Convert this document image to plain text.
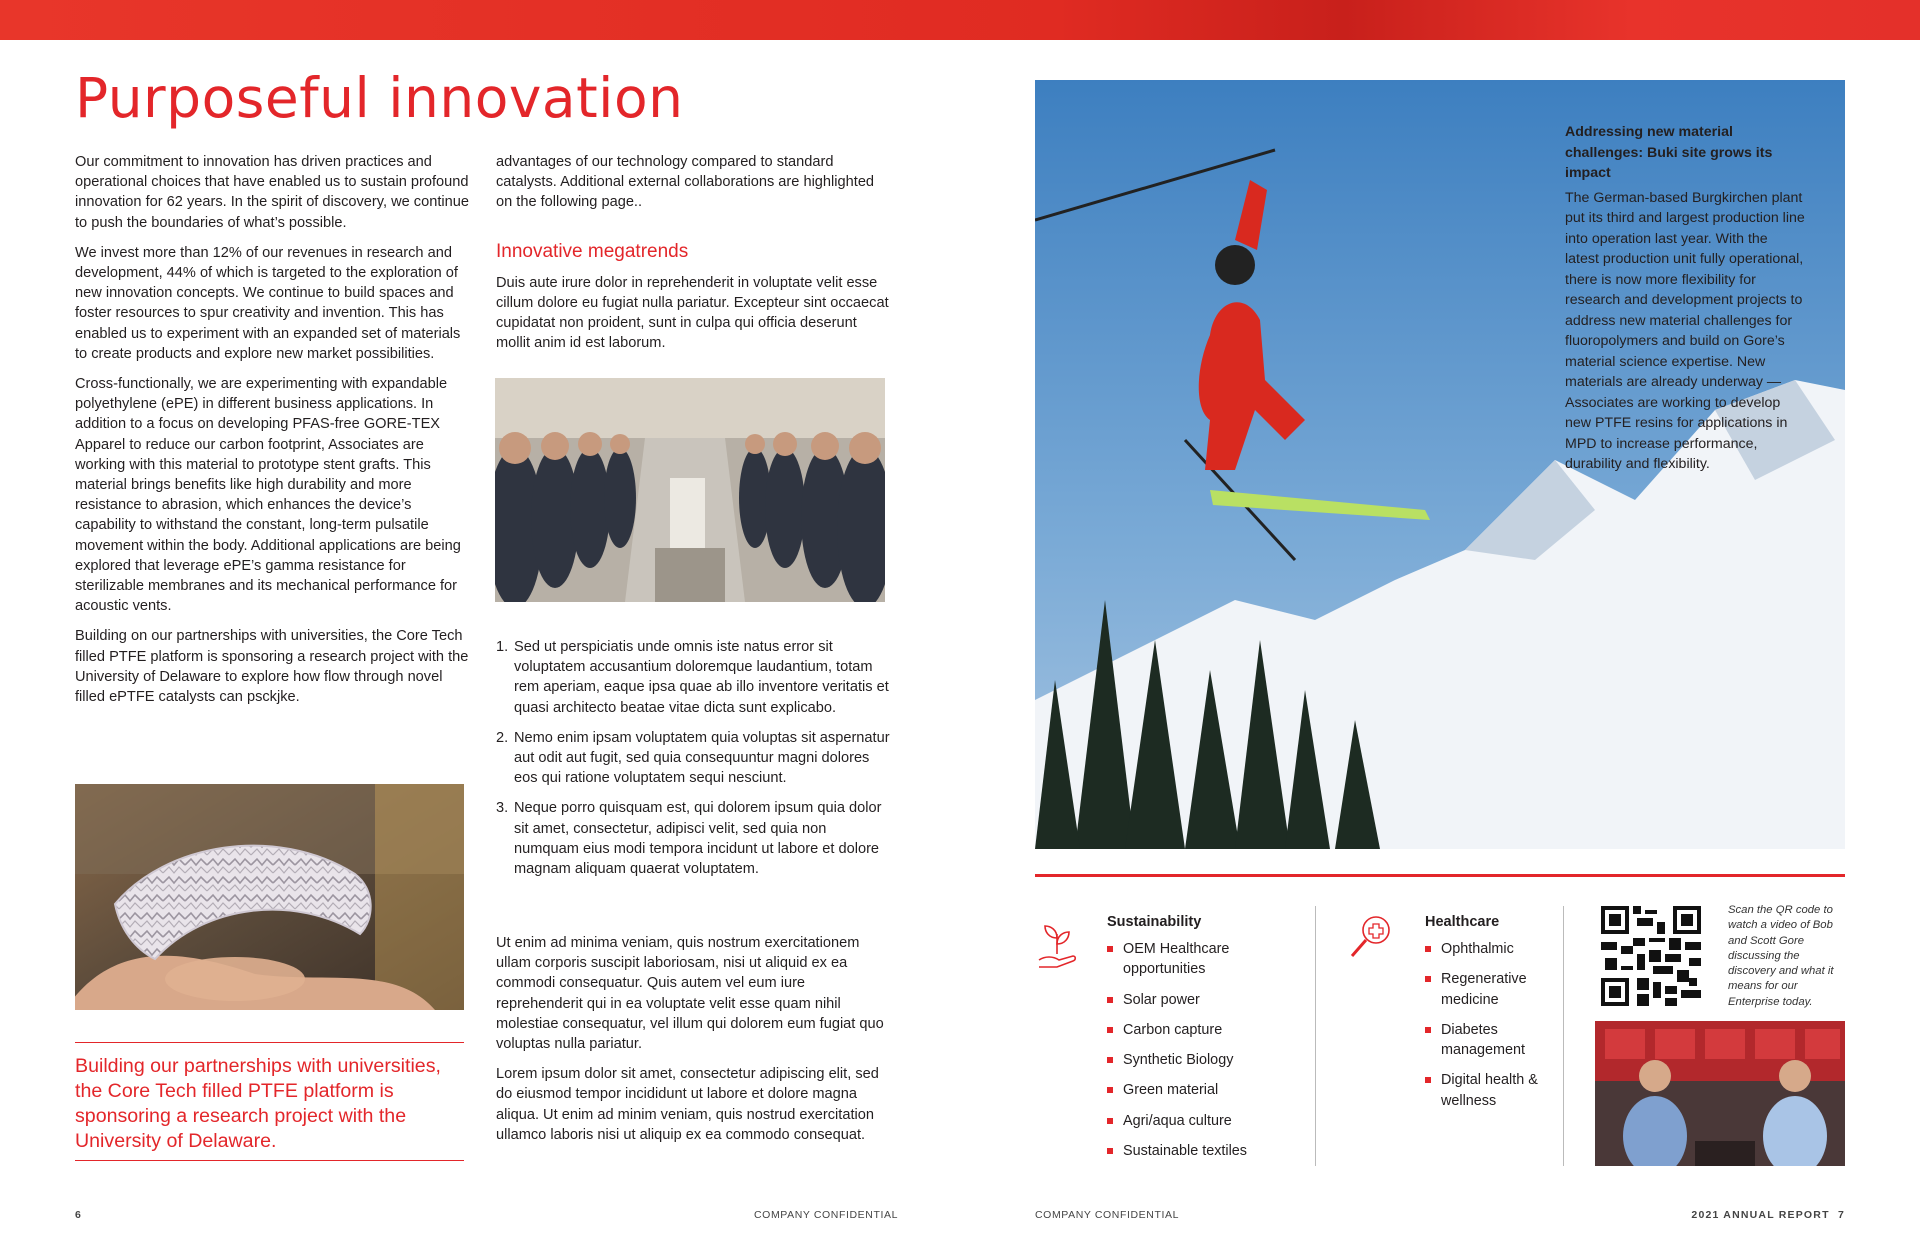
Purposeful innovation

Our commitment to innovation has driven practices and operational choices that have enabled us to sustain profound innovation for 62 years. In the spirit of discovery, we continue to push the boundaries of what’s possible.

We invest more than 12% of our revenues in research and development, 44% of which is targeted to the exploration of new innovation concepts. We continue to build spaces and foster resources to spur creativity and invention. This has enabled us to experiment with an expanded set of materials to create products and explore new market possibilities.

Cross-functionally, we are experimenting with expandable polyethylene (ePE) in different business applications. In addition to a focus on developing PFAS-free GORE-TEX Apparel to reduce our carbon footprint, Associates are working with this material to prototype stent grafts. This material brings benefits like high durability and more resistance to abrasion, which enhances the device’s capability to withstand the constant, long-term pulsatile movement within the body. Additional applications are being explored that leverage ePE’s gamma resistance for sterilizable membranes and its mechanical performance for acoustic vents.

Building on our partnerships with universities, the Core Tech filled PTFE platform is sponsoring a research project with the University of Delaware to explore how flow through novel filled ePTFE catalysts can psckjke.

Building our partnerships with universities, the Core Tech filled PTFE platform is sponsoring a research project with the University of Delaware.

advantages of our technology compared to standard catalysts. Additional external collaborations are highlighted on the following page..

Innovative megatrends

Duis aute irure dolor in reprehenderit in voluptate velit esse cillum dolore eu fugiat nulla pariatur. Excepteur sint occaecat cupidatat non proident, sunt in culpa qui officia deserunt mollit anim id est laborum.

1. Sed ut perspiciatis unde omnis iste natus error sit voluptatem accusantium doloremque laudantium, totam rem aperiam, eaque ipsa quae ab illo inventore veritatis et quasi architecto beatae vitae dicta sunt explicabo.
2. Nemo enim ipsam voluptatem quia voluptas sit aspernatur aut odit aut fugit, sed quia consequuntur magni dolores eos qui ratione voluptatem sequi nesciunt.
3. Neque porro quisquam est, qui dolorem ipsum quia dolor sit amet, consectetur, adipisci velit, sed quia non numquam eius modi tempora incidunt ut labore et dolore magnam aliquam quaerat voluptatem.

Ut enim ad minima veniam, quis nostrum exercitationem ullam corporis suscipit laboriosam, nisi ut aliquid ex ea commodi consequatur. Quis autem vel eum iure reprehenderit qui in ea voluptate velit esse quam nihil molestiae consequatur, vel illum qui dolorem eum fugiat quo voluptas nulla pariatur.

Lorem ipsum dolor sit amet, consectetur adipiscing elit, sed do eiusmod tempor incididunt ut labore et dolore magna aliqua. Ut enim ad minim veniam, quis nostrud exercitation ullamco laboris nisi ut aliquip ex ea commodo consequat.

6	COMPANY CONFIDENTIAL
Addressing new material challenges: Buki site grows its impact
The German-based Burgkirchen plant put its third and largest production line into operation last year. With the latest production unit fully operational, there is now more flexibility for research and development projects to address new material challenges for fluoropolymers and build on Gore’s material science expertise. New materials are already underway — Associates are working to develop new PTFE resins for applications in MPD to increase performance, durability and flexibility.
Sustainability
OEM Healthcare opportunities
Solar power
Carbon capture
Synthetic Biology
Green material
Agri/aqua culture
Sustainable textiles
Healthcare
Ophthalmic
Regenerative medicine
Diabetes management
Digital health & wellness
Scan the QR code to watch a video of Bob and Scott Gore discussing the discovery and what it means for our Enterprise today.
COMPANY CONFIDENTIAL	2021 ANNUAL REPORT 7
